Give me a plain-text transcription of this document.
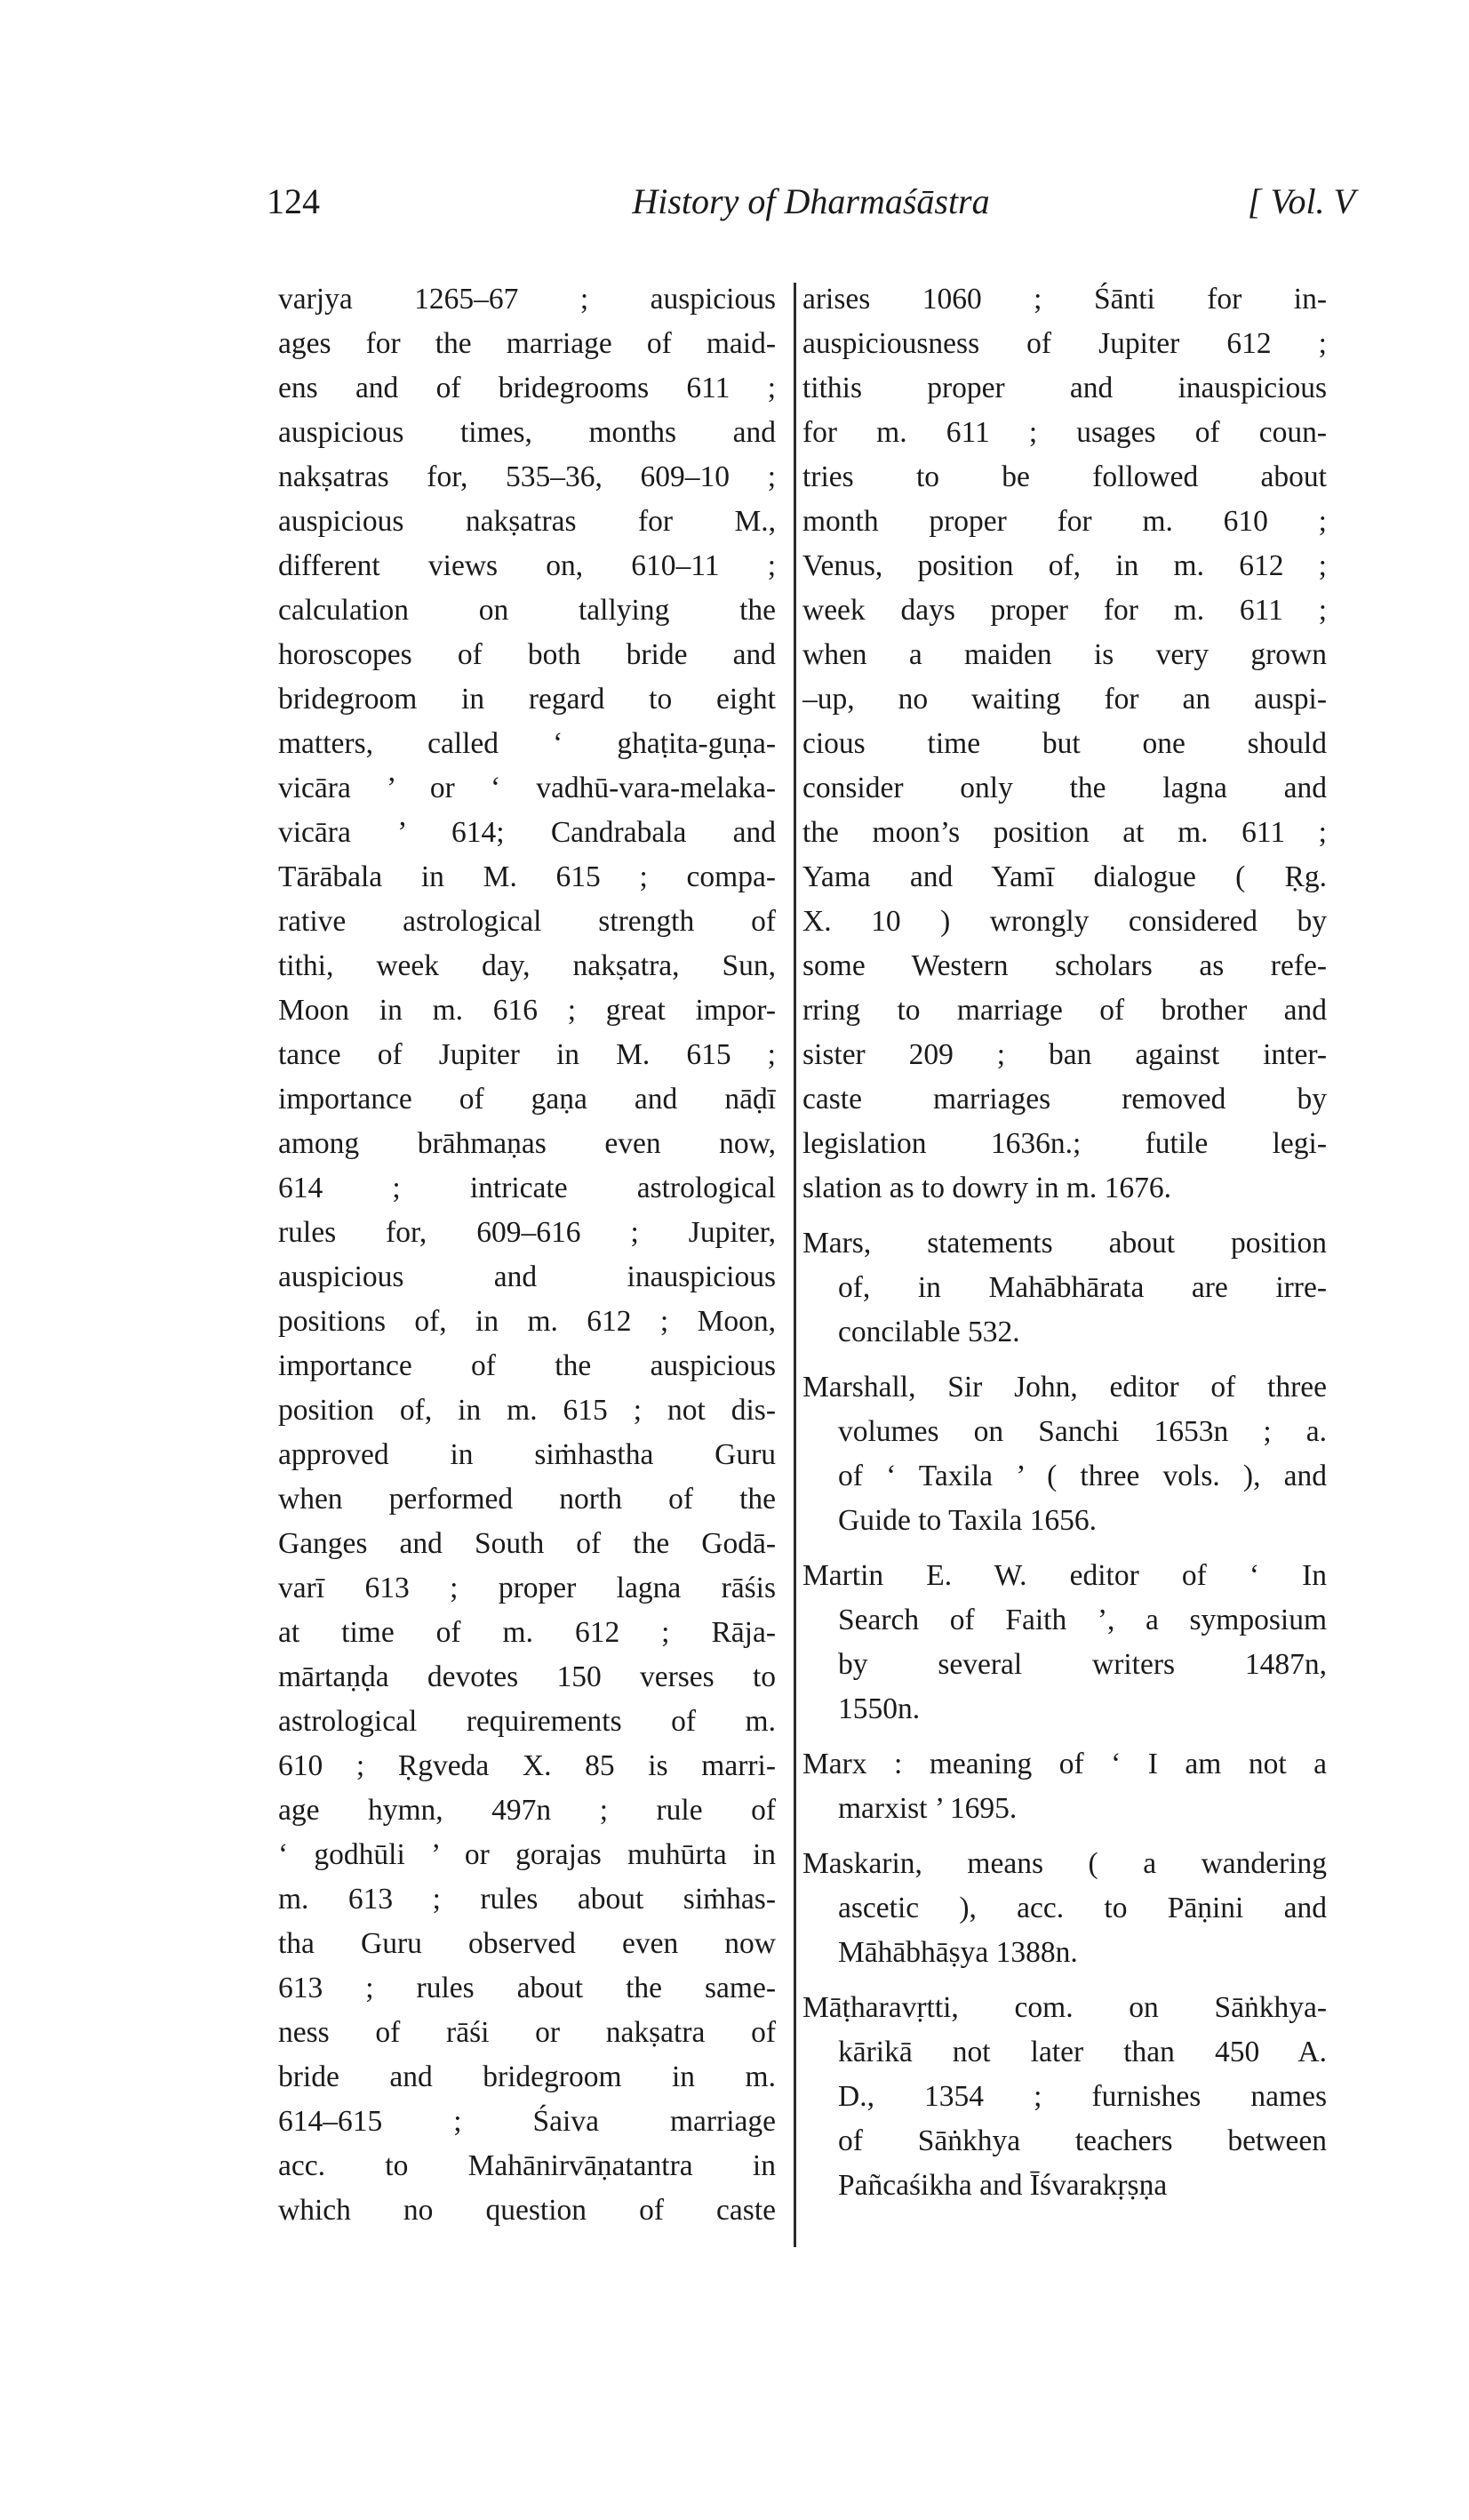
124	History of Dharmaśāstra	[ Vol. V
varjya 1265–67 ; auspicious
ages for the marriage of maid-
ens and of bridegrooms 611 ;
auspicious times, months and
nakṣatras for, 535–36, 609–10 ;
auspicious nakṣatras for M.,
different views on, 610–11 ;
calculation on tallying the
horoscopes of both bride and
bridegroom in regard to eight
matters, called ‘ ghaṭita-guṇa-
vicāra ’ or ‘ vadhū-vara-melaka-
vicāra ’ 614; Candrabala and
Tārābala in M. 615 ; compa-
rative astrological strength of
tithi, week day, nakṣatra, Sun,
Moon in m. 616 ; great impor-
tance of Jupiter in M. 615 ;
importance of gaṇa and nāḍī
among brāhmaṇas even now,
614 ; intricate astrological
rules for, 609–616 ; Jupiter,
auspicious and inauspicious
positions of, in m. 612 ; Moon,
importance of the auspicious
position of, in m. 615 ; not dis-
approved in siṁhastha Guru
when performed north of the
Ganges and South of the Godā-
varī 613 ; proper lagna rāśis
at time of m. 612 ; Rāja-
mārtaṇḍa devotes 150 verses to
astrological requirements of m.
610 ; Ṛgveda X. 85 is marri-
age hymn, 497n ; rule of
‘ godhūli ’ or gorajas muhūrta in
m. 613 ; rules about siṁhas-
tha Guru observed even now
613 ; rules about the same-
ness of rāśi or nakṣatra of
bride and bridegroom in m.
614–615 ; Śaiva marriage
acc. to Mahānirvāṇatantra in
which no question of caste
arises 1060 ; Śānti for in-
auspiciousness of Jupiter 612 ;
tithis proper and inauspicious
for m. 611 ; usages of coun-
tries to be followed about
month proper for m. 610 ;
Venus, position of, in m. 612 ;
week days proper for m. 611 ;
when a maiden is very grown
–up, no waiting for an auspi-
cious time but one should
consider only the lagna and
the moon’s position at m. 611 ;
Yama and Yamī dialogue ( Ṛg.
X. 10 ) wrongly considered by
some Western scholars as refe-
rring to marriage of brother and
sister 209 ; ban against inter-
caste marriages removed by
legislation 1636n.; futile legi-
slation as to dowry in m. 1676.
Mars, statements about position
of, in Mahābhārata are irre-
concilable 532.
Marshall, Sir John, editor of three
volumes on Sanchi 1653n ; a.
of ‘ Taxila ’ ( three vols. ), and
Guide to Taxila 1656.
Martin E. W. editor of ‘ In
Search of Faith ’, a symposium
by several writers 1487n,
1550n.
Marx : meaning of ‘ I am not a
marxist ’ 1695.
Maskarin, means ( a wandering
ascetic ), acc. to Pāṇini and
Māhābhāṣya 1388n.
Māṭharavṛtti, com. on Sāṅkhya-
kārikā not later than 450 A.
D., 1354 ; furnishes names
of Sāṅkhya teachers between
Pañcaśikha and Īśvarakṛṣṇa
